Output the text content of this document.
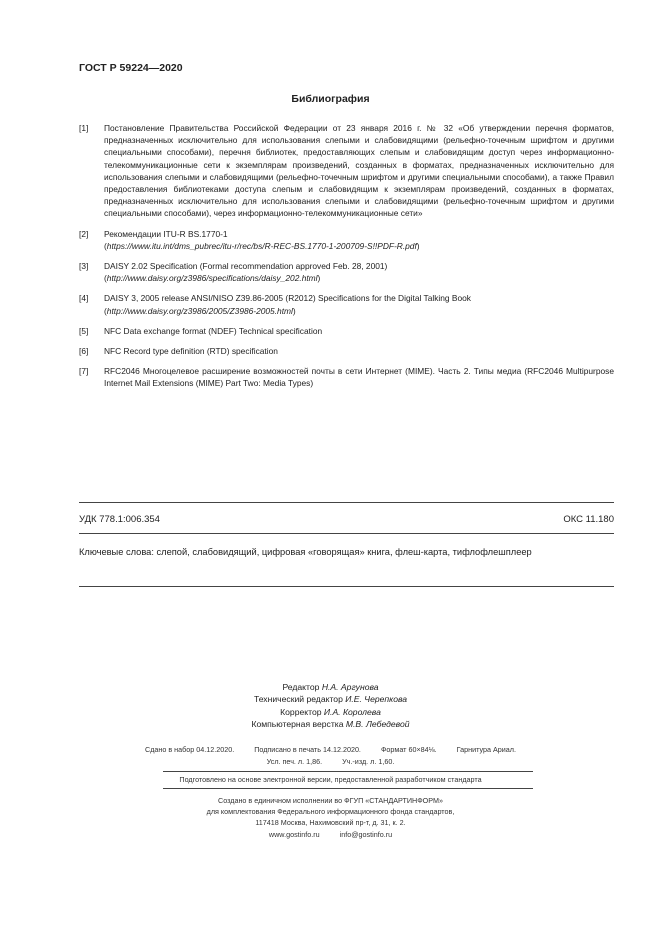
ГОСТ Р 59224—2020
Библиография
[1]	Постановление Правительства Российской Федерации от 23 января 2016 г. № 32 «Об утверждении перечня форматов, предназначенных исключительно для использования слепыми и слабовидящими (рельефно-точечным шрифтом и другими специальными способами), перечня библиотек, предоставляющих слепым и слабовидящим доступ через информационно-телекоммуникационные сети к экземплярам произведений, созданных в форматах, предназначенных исключительно для использования слепыми и слабовидящими (рельефно-точечным шрифтом и другими специальными способами), а также Правил предоставления библиотеками доступа слепым и слабовидящим к экземплярам произведений, созданных в форматах, предназначенных исключительно для использования слепыми и слабовидящими (рельефно-точечным шрифтом и другими специальными способами), через информационно-телекоммуникационные сети»
[2]	Рекомендации ITU-R BS.1770-1
(https://www.itu.int/dms_pubrec/itu-r/rec/bs/R-REC-BS.1770-1-200709-S!!PDF-R.pdf)
[3]	DAISY 2.02 Specification (Formal recommendation approved Feb. 28, 2001)
(http://www.daisy.org/z3986/specifications/daisy_202.html)
[4]	DAISY 3, 2005 release ANSI/NISO Z39.86-2005 (R2012) Specifications for the Digital Talking Book
(http://www.daisy.org/z3986/2005/Z3986-2005.html)
[5]	NFC Data exchange format (NDEF) Technical specification
[6]	NFC Record type definition (RTD) specification
[7]	RFC2046 Многоцелевое расширение возможностей почты в сети Интернет (MIME). Часть 2. Типы медиа (RFC2046 Multipurpose Internet Mail Extensions (MIME) Part Two: Media Types)
УДК 778.1:006.354	ОКС 11.180
Ключевые слова: слепой, слабовидящий, цифровая «говорящая» книга, флеш-карта, тифлофлешплеер
Редактор Н.А. Аргунова
Технический редактор И.Е. Черепкова
Корректор И.А. Королева
Компьютерная верстка М.В. Лебедевой
Сдано в набор 04.12.2020.	Подписано в печать 14.12.2020.	Формат 60×84⅛.	Гарнитура Ариал.
Усл. печ. л. 1,86.	Уч.-изд. л. 1,60.
Подготовлено на основе электронной версии, предоставленной разработчиком стандарта
Создано в единичном исполнении во ФГУП «СТАНДАРТИНФОРМ»
для комплектования Федерального информационного фонда стандартов,
117418 Москва, Нахимовский пр-т, д. 31, к. 2.
www.gostinfo.ru	info@gostinfo.ru
